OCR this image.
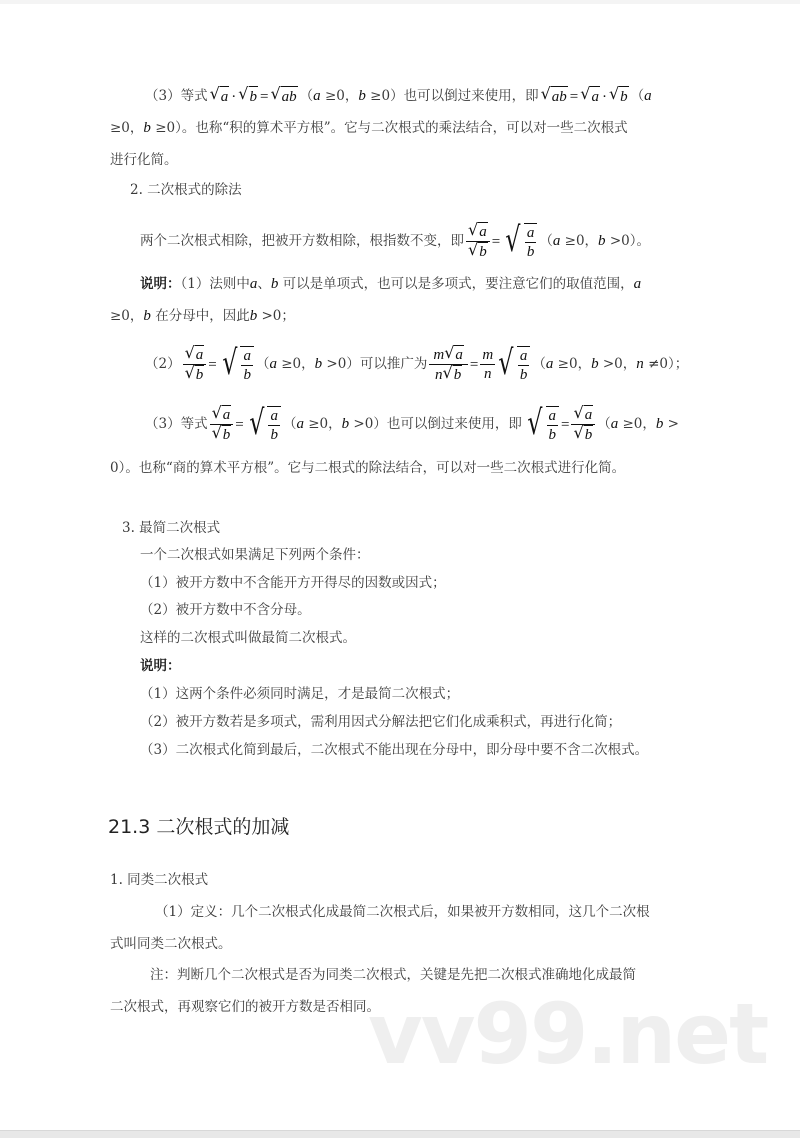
（3）等式 √ a · √ b = √ ab （a ≥0，b ≥0）也可以倒过来使用，即 √ ab = √ a · √ b （a
≥0，b ≥0）。也称“积的算术平方根”。它与二次根式的乘法结合，可以对一些二次根式
进行化简。
2. 二次根式的除法
两个二次根式相除，把被开方数相除，根指数不变，即 $\frac{√ a}{√ b}$ = √ $\frac{a}{b} (a \ge 0$，b >0）。
说明：（1）法则中a、b 可以是单项式，也可以是多项式，要注意它们的取值范围，a
≥0，b 在分母中，因此b >0；
$(2) \frac{√ a}{√ b}$ = √ $\frac{a}{b} (a \ge 0$，b >0）可以推广为 $\frac{m √ a}{n √ b} = \frac{m}{n}$ √ $\frac{a}{b} (a \ge 0$，b >0，n ≠0）；
（3）等式 $\frac{√ a}{√ b}$ = √ $\frac{a}{b} (a \ge 0$，b >0）也可以倒过来使用，即 √ $\frac{a}{b} = \frac{√ a}{√ b} (a \ge 0$，b >
0）。也称“商的算术平方根”。它与二根式的除法结合，可以对一些二次根式进行化简。
3. 最简二次根式
一个二次根式如果满足下列两个条件：
（1）被开方数中不含能开方开得尽的因数或因式；
（2）被开方数中不含分母。
这样的二次根式叫做最简二次根式。
说明：
（1）这两个条件必须同时满足，才是最简二次根式；
（2）被开方数若是多项式，需利用因式分解法把它们化成乘积式，再进行化简；
（3）二次根式化简到最后，二次根式不能出现在分母中，即分母中要不含二次根式。
21.3 二次根式的加减
1. 同类二次根式
（1）定义：几个二次根式化成最简二次根式后，如果被开方数相同，这几个二次根
式叫同类二次根式。
注：判断几个二次根式是否为同类二次根式，关键是先把二次根式准确地化成最简
二次根式，再观察它们的被开方数是否相同。
vv99.net
